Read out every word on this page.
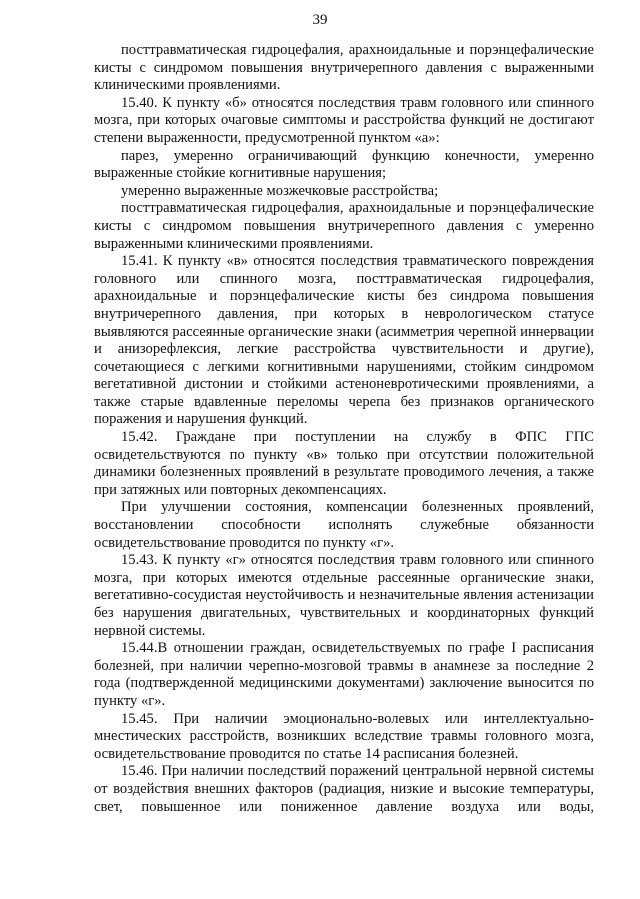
39

посттравматическая гидроцефалия, арахноидальные и порэнцефалические кисты с синдромом повышения внутричерепного давления с выраженными клиническими проявлениями.

15.40. К пункту «б» относятся последствия травм головного или спинного мозга, при которых очаговые симптомы и расстройства функций не достигают степени выраженности, предусмотренной пунктом «а»:

парез, умеренно ограничивающий функцию конечности, умеренно выраженные стойкие когнитивные нарушения;

умеренно выраженные мозжечковые расстройства;

посттравматическая гидроцефалия, арахноидальные и порэнцефалические кисты с синдромом повышения внутричерепного давления с умеренно выраженными клиническими проявлениями.

15.41. К пункту «в» относятся последствия травматического повреждения головного или спинного мозга, посттравматическая гидроцефалия, арахноидальные и порэнцефалические кисты без синдрома повышения внутричерепного давления, при которых в неврологическом статусе выявляются рассеянные органические знаки (асимметрия черепной иннервации и анизорефлексия, легкие расстройства чувствительности и другие), сочетающиеся с легкими когнитивными нарушениями, стойким синдромом вегетативной дистонии и стойкими астеноневротическими проявлениями, а также старые вдавленные переломы черепа без признаков органического поражения и нарушения функций.

15.42. Граждане при поступлении на службу в ФПС ГПС освидетельствуются по пункту «в» только при отсутствии положительной динамики болезненных проявлений в результате проводимого лечения, а также при затяжных или повторных декомпенсациях.

При улучшении состояния, компенсации болезненных проявлений, восстановлении способности исполнять служебные обязанности освидетельствование проводится по пункту «г».

15.43. К пункту «г» относятся последствия травм головного или спинного мозга, при которых имеются отдельные рассеянные органические знаки, вегетативно-сосудистая неустойчивость и незначительные явления астенизации без нарушения двигательных, чувствительных и координаторных функций нервной системы.

15.44.В отношении граждан, освидетельствуемых по графе I расписания болезней, при наличии черепно-мозговой травмы в анамнезе за последние 2 года (подтвержденной медицинскими документами) заключение выносится по пункту «г».

15.45. При наличии эмоционально-волевых или интеллектуально-мнестических расстройств, возникших вследствие травмы головного мозга, освидетельствование проводится по статье 14 расписания болезней.

15.46. При наличии последствий поражений центральной нервной системы от воздействия внешних факторов (радиация, низкие и высокие температуры, свет, повышенное или пониженное давление воздуха или воды,
